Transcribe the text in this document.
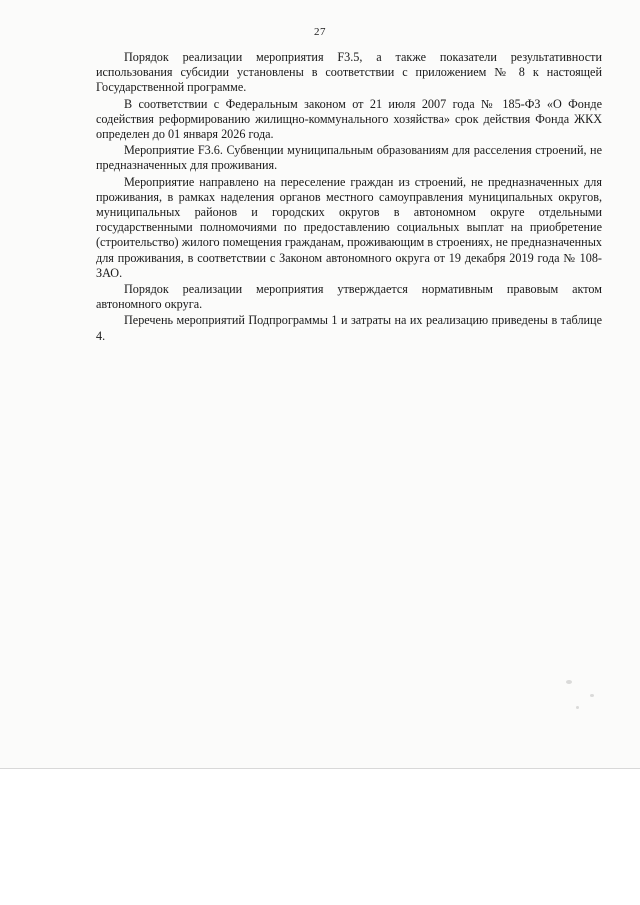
27

Порядок реализации мероприятия F3.5, а также показатели результативности использования субсидии установлены в соответствии с приложением № 8 к настоящей Государственной программе.

В соответствии с Федеральным законом от 21 июля 2007 года № 185-ФЗ «О Фонде содействия реформированию жилищно-коммунального хозяйства» срок действия Фонда ЖКХ определен до 01 января 2026 года.

Мероприятие F3.6. Субвенции муниципальным образованиям для расселения строений, не предназначенных для проживания.

Мероприятие направлено на переселение граждан из строений, не предназначенных для проживания, в рамках наделения органов местного самоуправления муниципальных округов, муниципальных районов и городских округов в автономном округе отдельными государственными полномочиями по предоставлению социальных выплат на приобретение (строительство) жилого помещения гражданам, проживающим в строениях, не предназначенных для проживания, в соответствии с Законом автономного округа от 19 декабря 2019 года № 108-ЗАО.

Порядок реализации мероприятия утверждается нормативным правовым актом автономного округа.

Перечень мероприятий Подпрограммы 1 и затраты на их реализацию приведены в таблице 4.
